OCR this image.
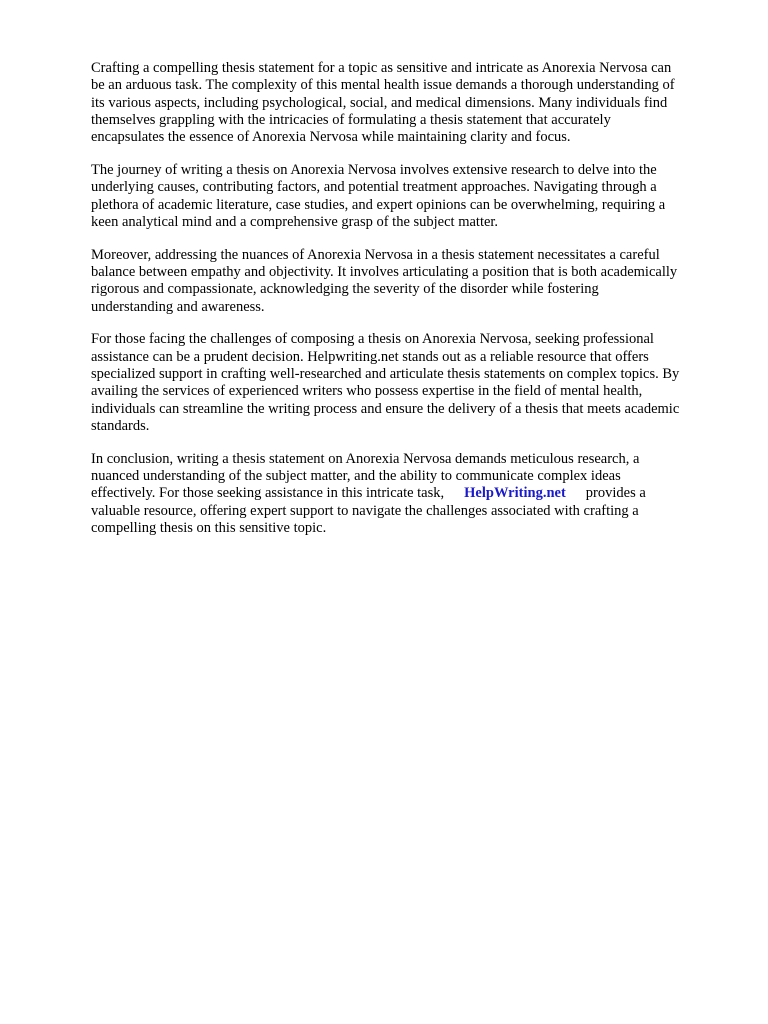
Crafting a compelling thesis statement for a topic as sensitive and intricate as Anorexia Nervosa can
be an arduous task. The complexity of this mental health issue demands a thorough understanding of
its various aspects, including psychological, social, and medical dimensions. Many individuals find
themselves grappling with the intricacies of formulating a thesis statement that accurately
encapsulates the essence of Anorexia Nervosa while maintaining clarity and focus.

The journey of writing a thesis on Anorexia Nervosa involves extensive research to delve into the
underlying causes, contributing factors, and potential treatment approaches. Navigating through a
plethora of academic literature, case studies, and expert opinions can be overwhelming, requiring a
keen analytical mind and a comprehensive grasp of the subject matter.

Moreover, addressing the nuances of Anorexia Nervosa in a thesis statement necessitates a careful
balance between empathy and objectivity. It involves articulating a position that is both academically
rigorous and compassionate, acknowledging the severity of the disorder while fostering
understanding and awareness.

For those facing the challenges of composing a thesis on Anorexia Nervosa, seeking professional
assistance can be a prudent decision. Helpwriting.net stands out as a reliable resource that offers
specialized support in crafting well-researched and articulate thesis statements on complex topics. By
availing the services of experienced writers who possess expertise in the field of mental health,
individuals can streamline the writing process and ensure the delivery of a thesis that meets academic
standards.

In conclusion, writing a thesis statement on Anorexia Nervosa demands meticulous research, a
nuanced understanding of the subject matter, and the ability to communicate complex ideas
effectively. For those seeking assistance in this intricate task, HelpWriting.net provides a
valuable resource, offering expert support to navigate the challenges associated with crafting a
compelling thesis on this sensitive topic.
